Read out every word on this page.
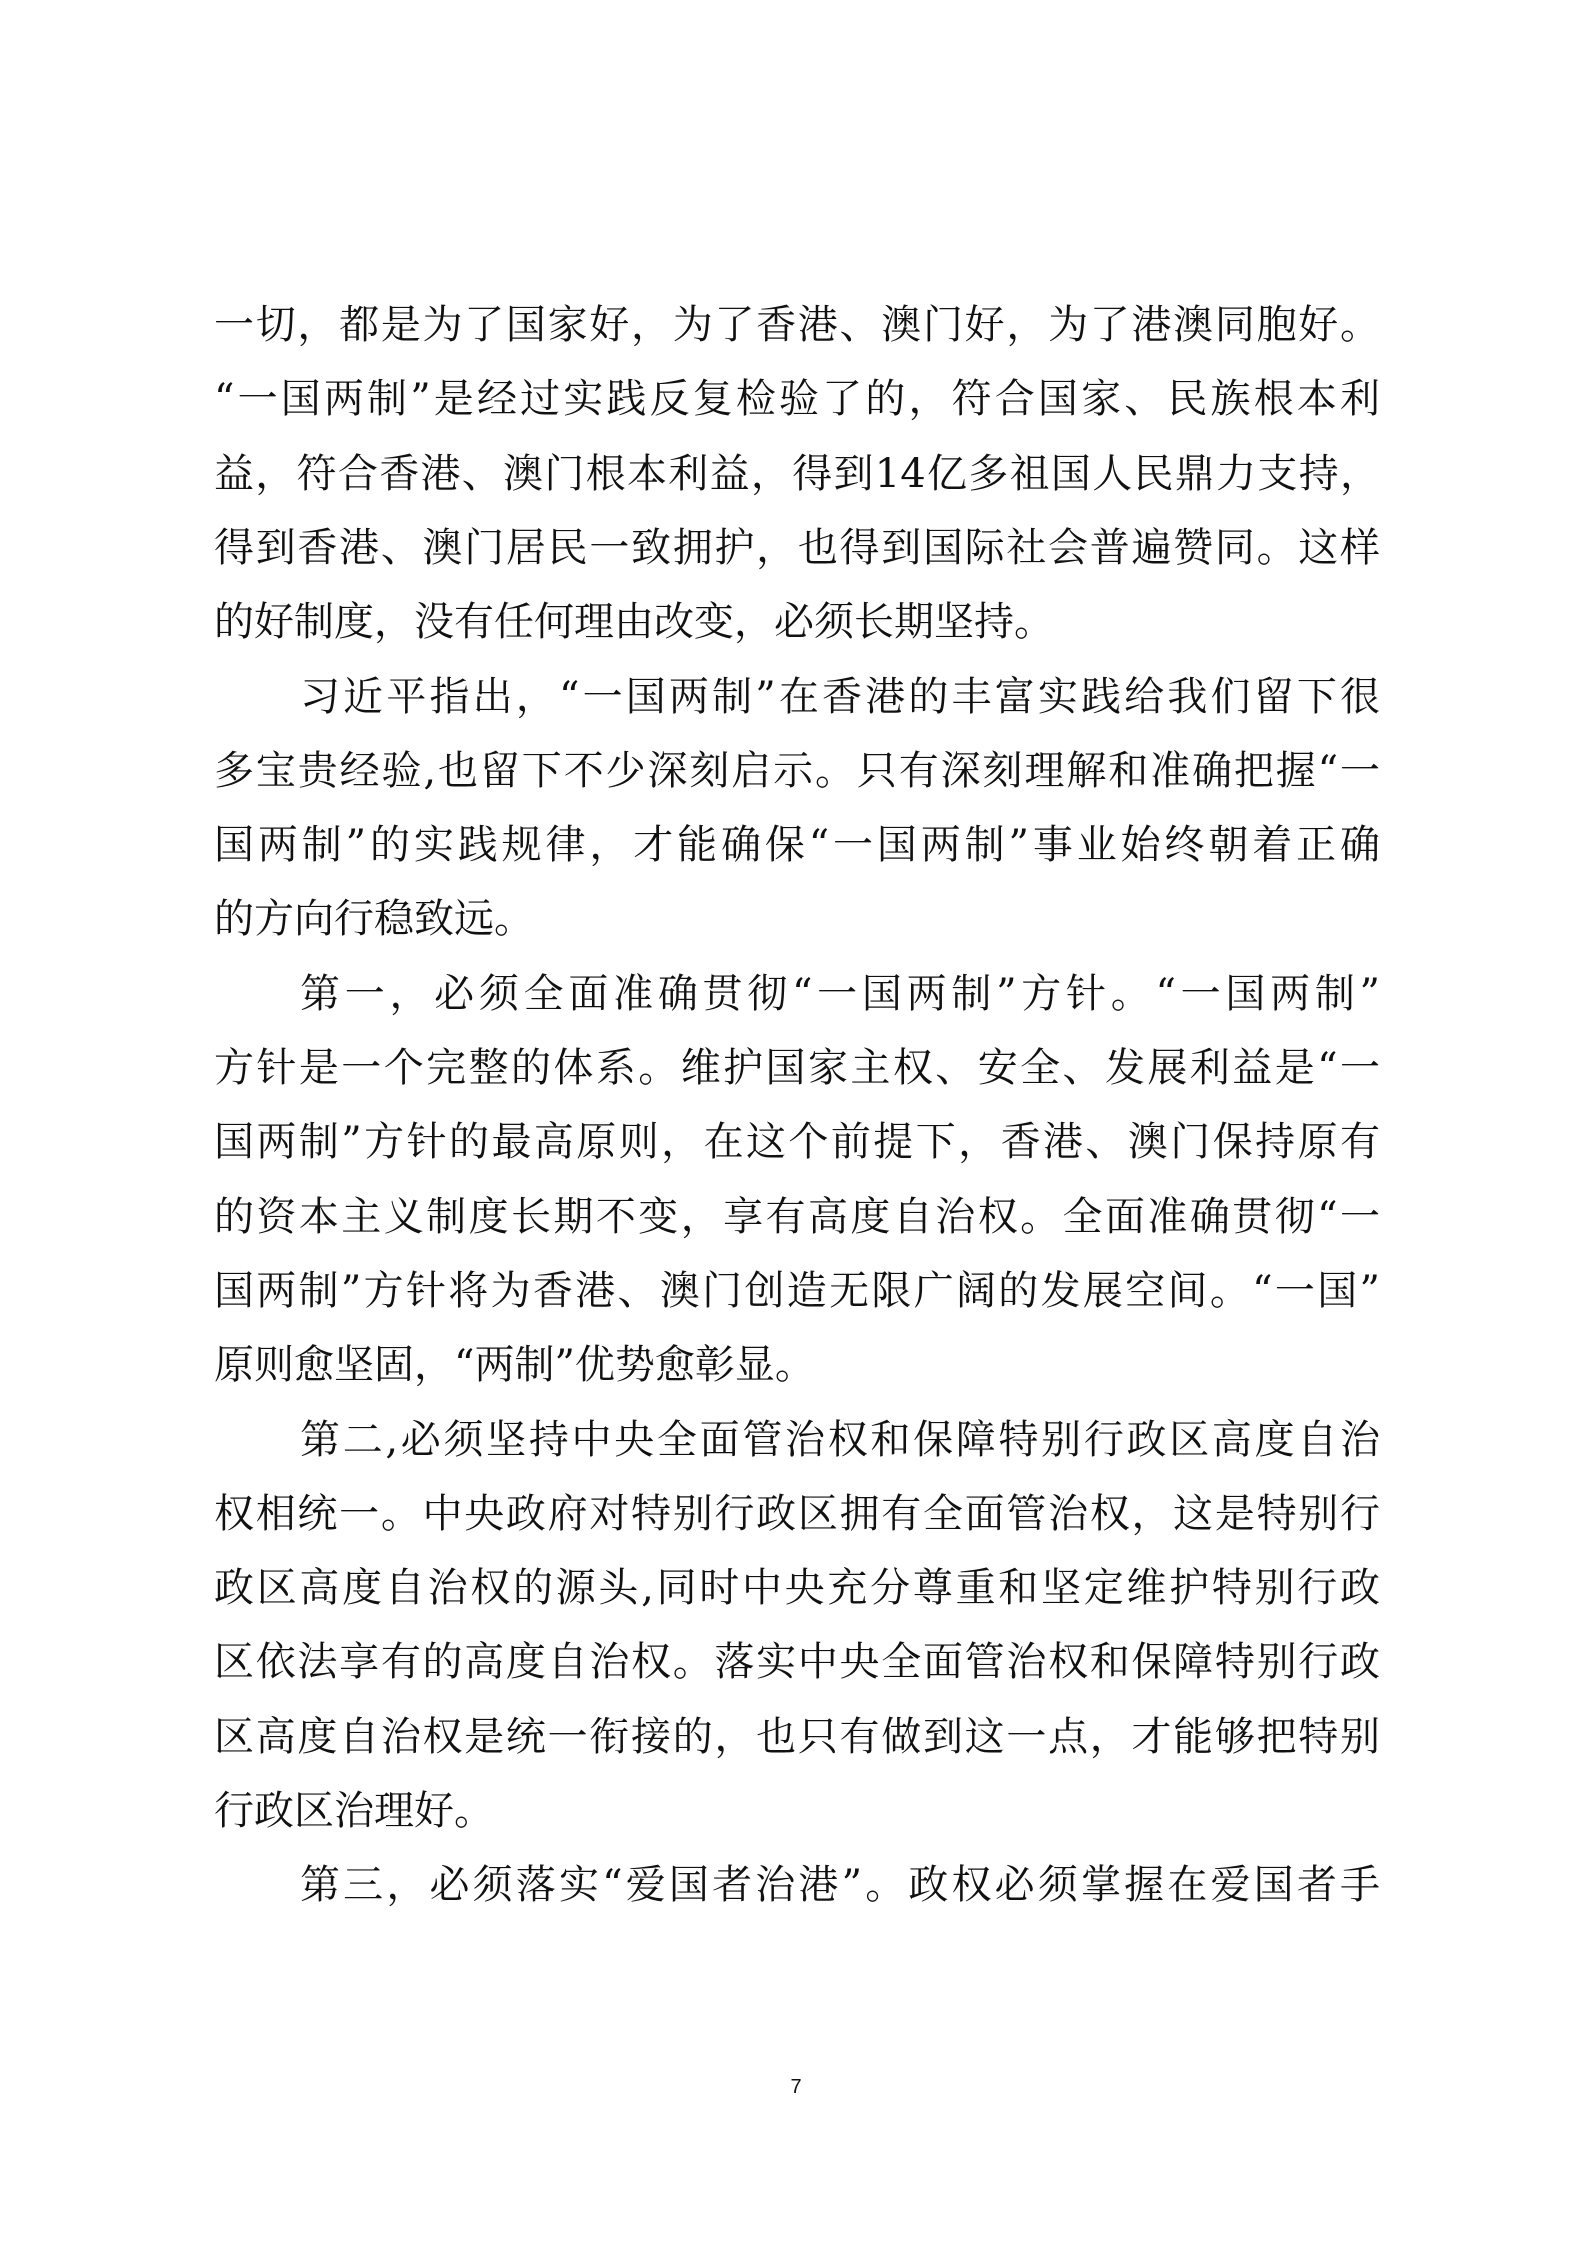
一切，都是为了国家好，为了香港、澳门好，为了港澳同胞好。
“一国两制”是经过实践反复检验了的，符合国家、民族根本利
益，符合香港、澳门根本利益，得到14亿多祖国人民鼎力支持，
得到香港、澳门居民一致拥护，也得到国际社会普遍赞同。这样
的好制度，没有任何理由改变，必须长期坚持。
习近平指出，“一国两制”在香港的丰富实践给我们留下很
多宝贵经验,也留下不少深刻启示。只有深刻理解和准确把握“一
国两制”的实践规律，才能确保“一国两制”事业始终朝着正确
的方向行稳致远。
第一，必须全面准确贯彻“一国两制”方针。“一国两制”
方针是一个完整的体系。维护国家主权、安全、发展利益是“一
国两制”方针的最高原则，在这个前提下，香港、澳门保持原有
的资本主义制度长期不变，享有高度自治权。全面准确贯彻“一
国两制”方针将为香港、澳门创造无限广阔的发展空间。“一国”
原则愈坚固，“两制”优势愈彰显。
第二,必须坚持中央全面管治权和保障特别行政区高度自治
权相统一。中央政府对特别行政区拥有全面管治权，这是特别行
政区高度自治权的源头,同时中央充分尊重和坚定维护特别行政
区依法享有的高度自治权。落实中央全面管治权和保障特别行政
区高度自治权是统一衔接的，也只有做到这一点，才能够把特别
行政区治理好。
第三，必须落实“爱国者治港”。政权必须掌握在爱国者手
7
